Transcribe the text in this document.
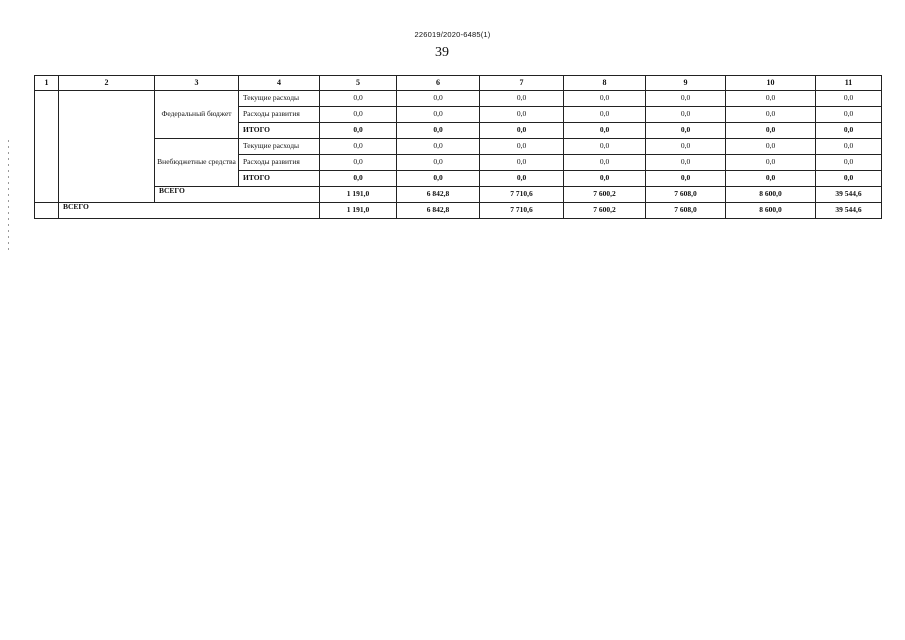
226019/2020-6485(1)
39
1	2	3	4	5	6	7	8	9	10	11
		Федеральный бюджет	Текущие расходы	0,0	0,0	0,0	0,0	0,0	0,0	0,0
			Расходы развития	0,0	0,0	0,0	0,0	0,0	0,0	0,0
			ИТОГО	0,0	0,0	0,0	0,0	0,0	0,0	0,0
		Внебюджетные средства	Текущие расходы	0,0	0,0	0,0	0,0	0,0	0,0	0,0
			Расходы развития	0,0	0,0	0,0	0,0	0,0	0,0	0,0
			ИТОГО	0,0	0,0	0,0	0,0	0,0	0,0	0,0
		ВСЕГО		1 191,0	6 842,8	7 710,6	7 600,2	7 608,0	8 600,0	39 544,6
	ВСЕГО			1 191,0	6 842,8	7 710,6	7 600,2	7 608,0	8 600,0	39 544,6
